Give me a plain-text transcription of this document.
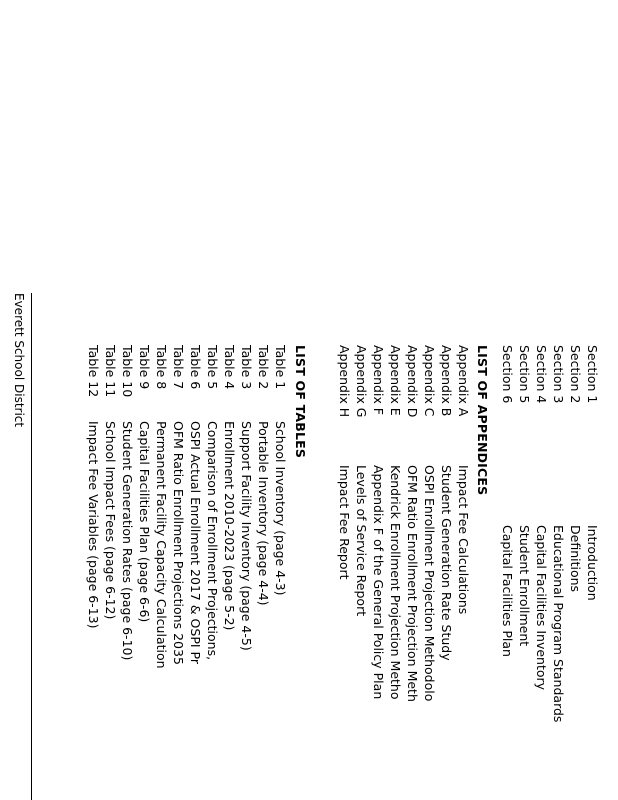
Section 1
Introduction
Section 2
Definitions
Section 3
Educational Program Standards
Section 4
Capital Facilities Inventory
Section 5
Student Enrollment
Section 6
Capital Facilities Plan
LIST OF APPENDICES
Appendix A
Impact Fee Calculations
Appendix B
Student Generation Rate Study
Appendix C
OSPI Enrollment Projection Methodolo
Appendix D
OFM Ratio Enrollment Projection Meth
Appendix E
Kendrick Enrollment Projection Metho
Appendix F
Appendix F of the General Policy Plan
Appendix G
Levels of Service Report
Appendix H
Impact Fee Report
LIST OF TABLES
Table 1
School Inventory (page 4-3)
Table 2
Portable Inventory (page 4-4)
Table 3
Support Facility Inventory (page 4-5)
Table 4
Enrollment 2010-2023 (page 5-2)
Table 5
Comparison of Enrollment Projections,
Table 6
OSPI Actual Enrollment 2017 & OSPI Pr
Table 7
OFM Ratio Enrollment Projections 2035
Table 8
Permanent Facility Capacity Calculation
Table 9
Capital Facilities Plan (page 6-6)
Table 10
Student Generation Rates (page 6-10)
Table 11
School Impact Fees (page 6-12)
Table 12
Impact Fee Variables (page 6-13)
Everett School District
